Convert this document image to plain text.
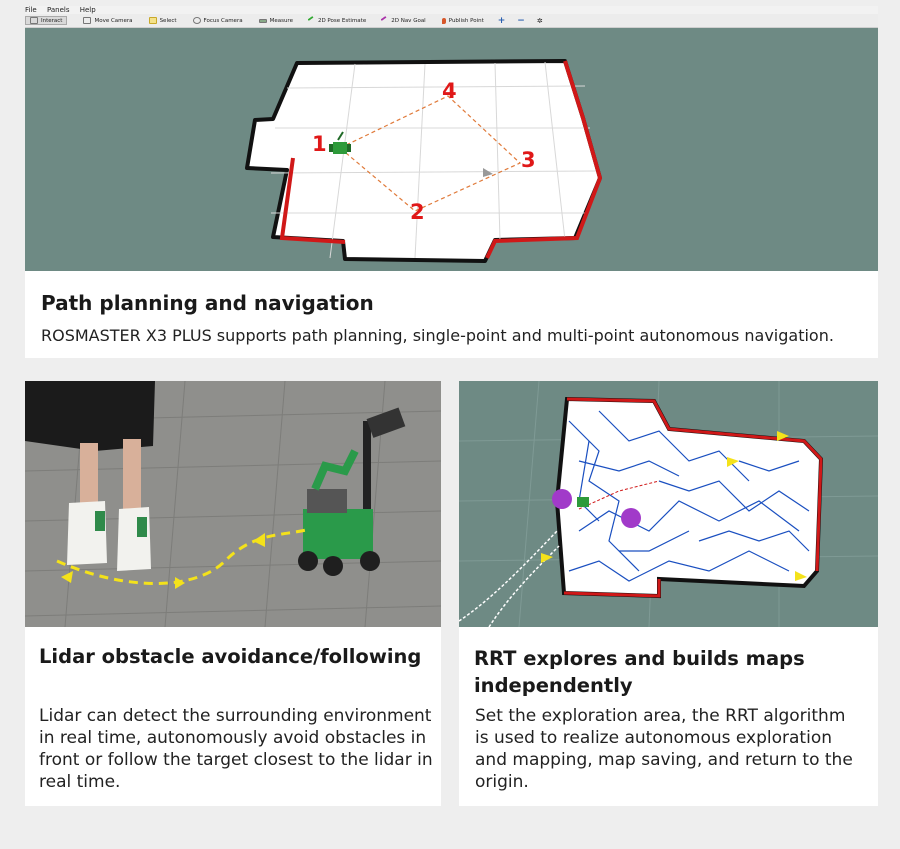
File Panels Help
Interact	Move Camera	Select	Focus Camera	Measure	2D Pose Estimate	2D Nav Goal	Publish Point + − ✲
1
2
3
4
Path planning and navigation
ROSMASTER X3 PLUS supports path planning, single-point and multi-point autonomous navigation.
Lidar obstacle avoidance/following
Lidar can detect the surrounding environment
in real time, autonomously avoid obstacles in
front or follow the target closest to the lidar in
real time.
RRT explores and builds maps
independently
Set the exploration area, the RRT algorithm
is used to realize autonomous exploration
and mapping, map saving, and return to the
origin.
